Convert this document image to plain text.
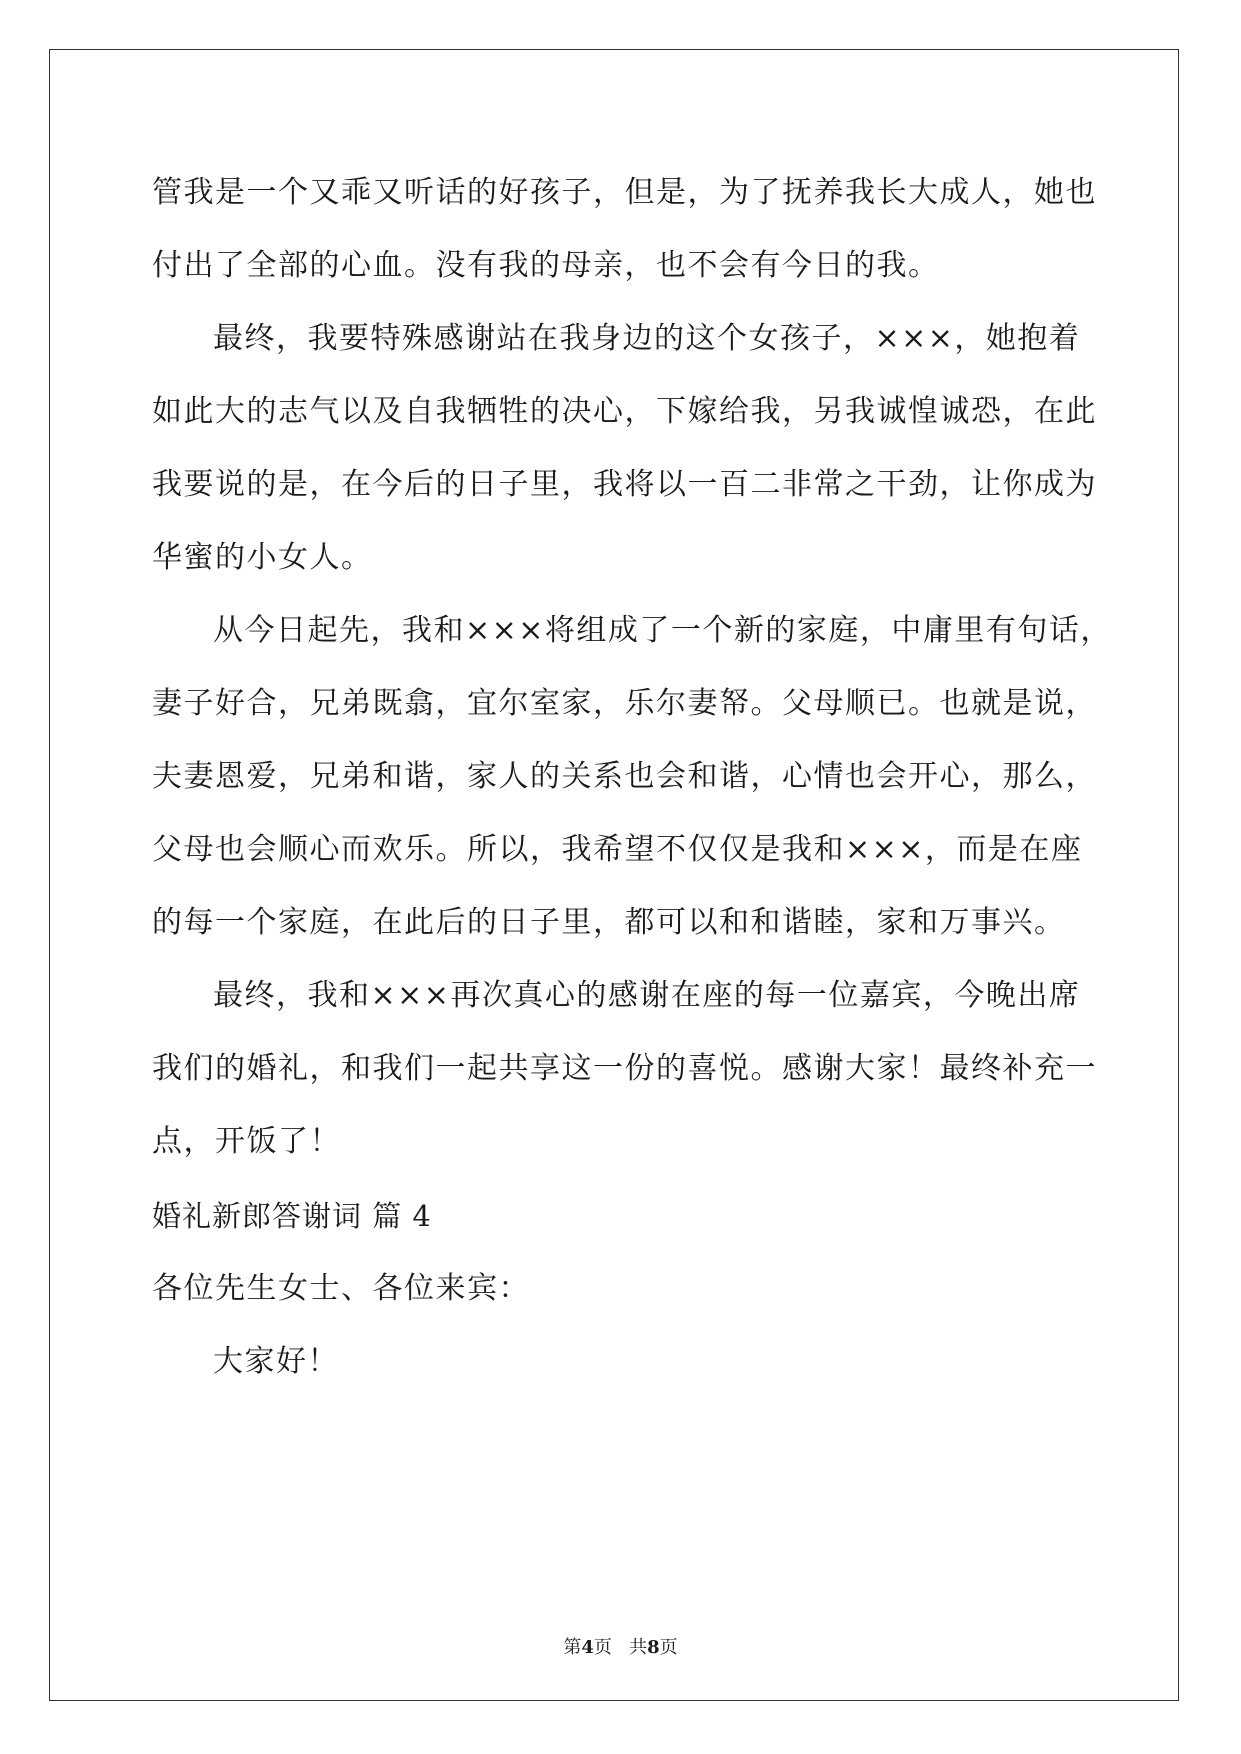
管我是一个又乖又听话的好孩子，但是，为了抚养我长大成人，她也
付出了全部的心血。没有我的母亲，也不会有今日的我。
最终，我要特殊感谢站在我身边的这个女孩子，×××，她抱着
如此大的志气以及自我牺牲的决心，下嫁给我，另我诚惶诚恐，在此
我要说的是，在今后的日子里，我将以一百二非常之干劲，让你成为
华蜜的小女人。
从今日起先，我和×××将组成了一个新的家庭，中庸里有句话，
妻子好合，兄弟既翕，宜尔室家，乐尔妻帑。父母顺已。也就是说，
夫妻恩爱，兄弟和谐，家人的关系也会和谐，心情也会开心，那么，
父母也会顺心而欢乐。所以，我希望不仅仅是我和×××，而是在座
的每一个家庭，在此后的日子里，都可以和和谐睦，家和万事兴。
最终，我和×××再次真心的感谢在座的每一位嘉宾，今晚出席
我们的婚礼，和我们一起共享这一份的喜悦。感谢大家！最终补充一
点，开饭了！
婚礼新郎答谢词 篇 4
各位先生女士、各位来宾：
大家好！
第4页   共8页
